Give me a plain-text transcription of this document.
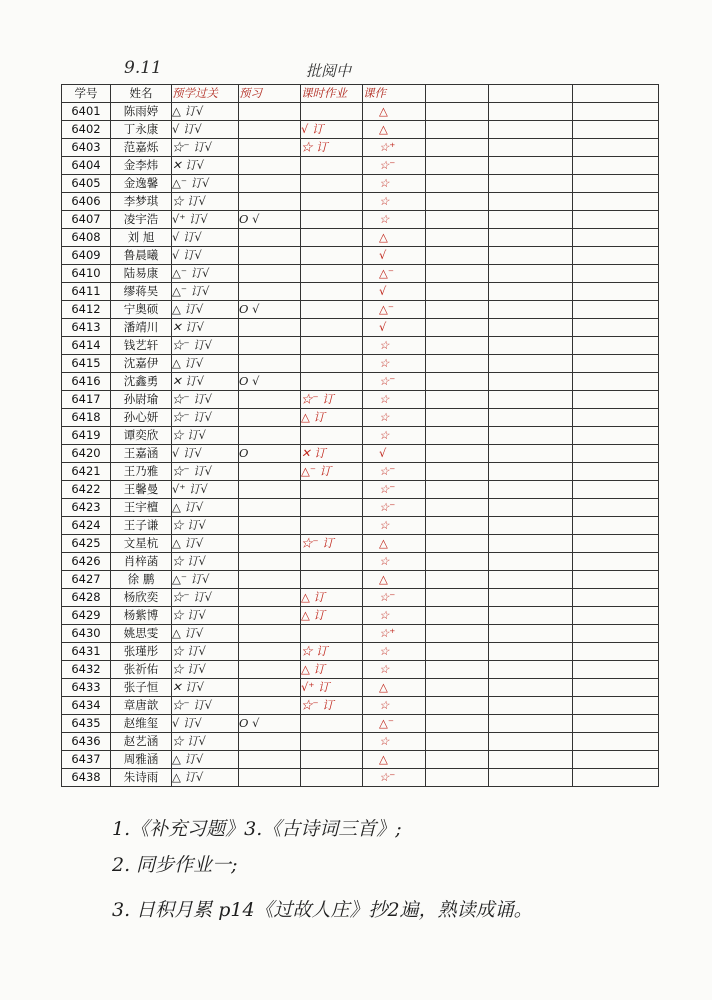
9.11	批阅中
学号	姓名	预学过关	预习	课时作业	课作			
6401	陈雨婷	△ 订√			△			
6402	丁永康	√ 订√		√ 订	△			
6403	范嘉烁	☆⁻ 订√		☆ 订	☆⁺			
6404	金李炜	✕ 订√			☆⁻			
6405	金逸馨	△⁻ 订√			☆			
6406	李梦琪	☆ 订√			☆			
6407	凌宇浩	√⁺ 订√	O √		☆			
6408	刘 旭	√ 订√			△			
6409	鲁晨曦	√ 订√			√			
6410	陆易康	△⁻ 订√			△⁻			
6411	缪蒋昊	△⁻ 订√			√			
6412	宁奥硕	△ 订√	O √		△⁻			
6413	潘靖川	✕ 订√			√			
6414	钱艺轩	☆⁻ 订√			☆			
6415	沈嘉伊	△ 订√			☆			
6416	沈鑫勇	✕ 订√	O √		☆⁻			
6417	孙尉瑜	☆⁻ 订√		☆⁻ 订	☆			
6418	孙心妍	☆⁻ 订√		△ 订	☆			
6419	谭奕欣	☆ 订√			☆			
6420	王嘉涵	√ 订√	O	✕ 订	√			
6421	王乃雅	☆⁻ 订√		△⁻ 订	☆⁻			
6422	王馨曼	√⁺ 订√			☆⁻			
6423	王宇檀	△ 订√			☆⁻			
6424	王子谦	☆ 订√			☆			
6425	文星杭	△ 订√		☆⁻ 订	△			
6426	肖梓菡	☆ 订√			☆			
6427	徐 鹏	△⁻ 订√			△			
6428	杨欣奕	☆⁻ 订√		△ 订	☆⁻			
6429	杨紫博	☆ 订√		△ 订	☆			
6430	姚思雯	△ 订√			☆⁺			
6431	张瑾彤	☆ 订√		☆ 订	☆			
6432	张祈佑	☆ 订√		△ 订	☆			
6433	张子恒	✕ 订√		√⁺ 订	△			
6434	章唐歆	☆⁻ 订√		☆⁻ 订	☆			
6435	赵维玺	√ 订√	O √		△⁻			
6436	赵艺涵	☆ 订√			☆			
6437	周雅涵	△ 订√			△			
6438	朱诗雨	△ 订√			☆⁻			
1.《补充习题》3.《古诗词三首》;
2. 同步作业一;
3. 日积月累 p14《过故人庄》抄2遍，熟读成诵。
